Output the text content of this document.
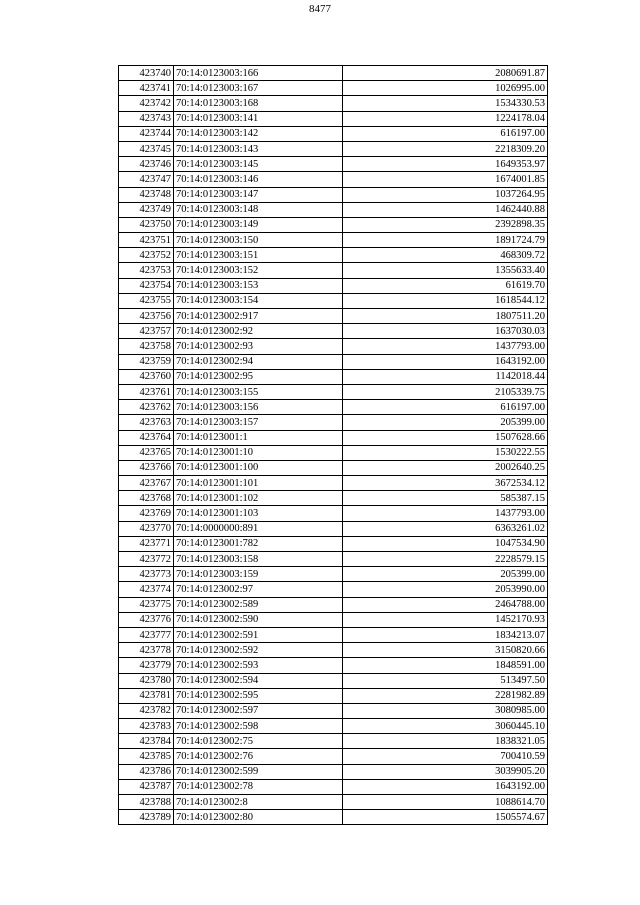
8477
423740	70:14:0123003:166	2080691.87
423741	70:14:0123003:167	1026995.00
423742	70:14:0123003:168	1534330.53
423743	70:14:0123003:141	1224178.04
423744	70:14:0123003:142	616197.00
423745	70:14:0123003:143	2218309.20
423746	70:14:0123003:145	1649353.97
423747	70:14:0123003:146	1674001.85
423748	70:14:0123003:147	1037264.95
423749	70:14:0123003:148	1462440.88
423750	70:14:0123003:149	2392898.35
423751	70:14:0123003:150	1891724.79
423752	70:14:0123003:151	468309.72
423753	70:14:0123003:152	1355633.40
423754	70:14:0123003:153	61619.70
423755	70:14:0123003:154	1618544.12
423756	70:14:0123002:917	1807511.20
423757	70:14:0123002:92	1637030.03
423758	70:14:0123002:93	1437793.00
423759	70:14:0123002:94	1643192.00
423760	70:14:0123002:95	1142018.44
423761	70:14:0123003:155	2105339.75
423762	70:14:0123003:156	616197.00
423763	70:14:0123003:157	205399.00
423764	70:14:0123001:1	1507628.66
423765	70:14:0123001:10	1530222.55
423766	70:14:0123001:100	2002640.25
423767	70:14:0123001:101	3672534.12
423768	70:14:0123001:102	585387.15
423769	70:14:0123001:103	1437793.00
423770	70:14:0000000:891	6363261.02
423771	70:14:0123001:782	1047534.90
423772	70:14:0123003:158	2228579.15
423773	70:14:0123003:159	205399.00
423774	70:14:0123002:97	2053990.00
423775	70:14:0123002:589	2464788.00
423776	70:14:0123002:590	1452170.93
423777	70:14:0123002:591	1834213.07
423778	70:14:0123002:592	3150820.66
423779	70:14:0123002:593	1848591.00
423780	70:14:0123002:594	513497.50
423781	70:14:0123002:595	2281982.89
423782	70:14:0123002:597	3080985.00
423783	70:14:0123002:598	3060445.10
423784	70:14:0123002:75	1838321.05
423785	70:14:0123002:76	700410.59
423786	70:14:0123002:599	3039905.20
423787	70:14:0123002:78	1643192.00
423788	70:14:0123002:8	1088614.70
423789	70:14:0123002:80	1505574.67
